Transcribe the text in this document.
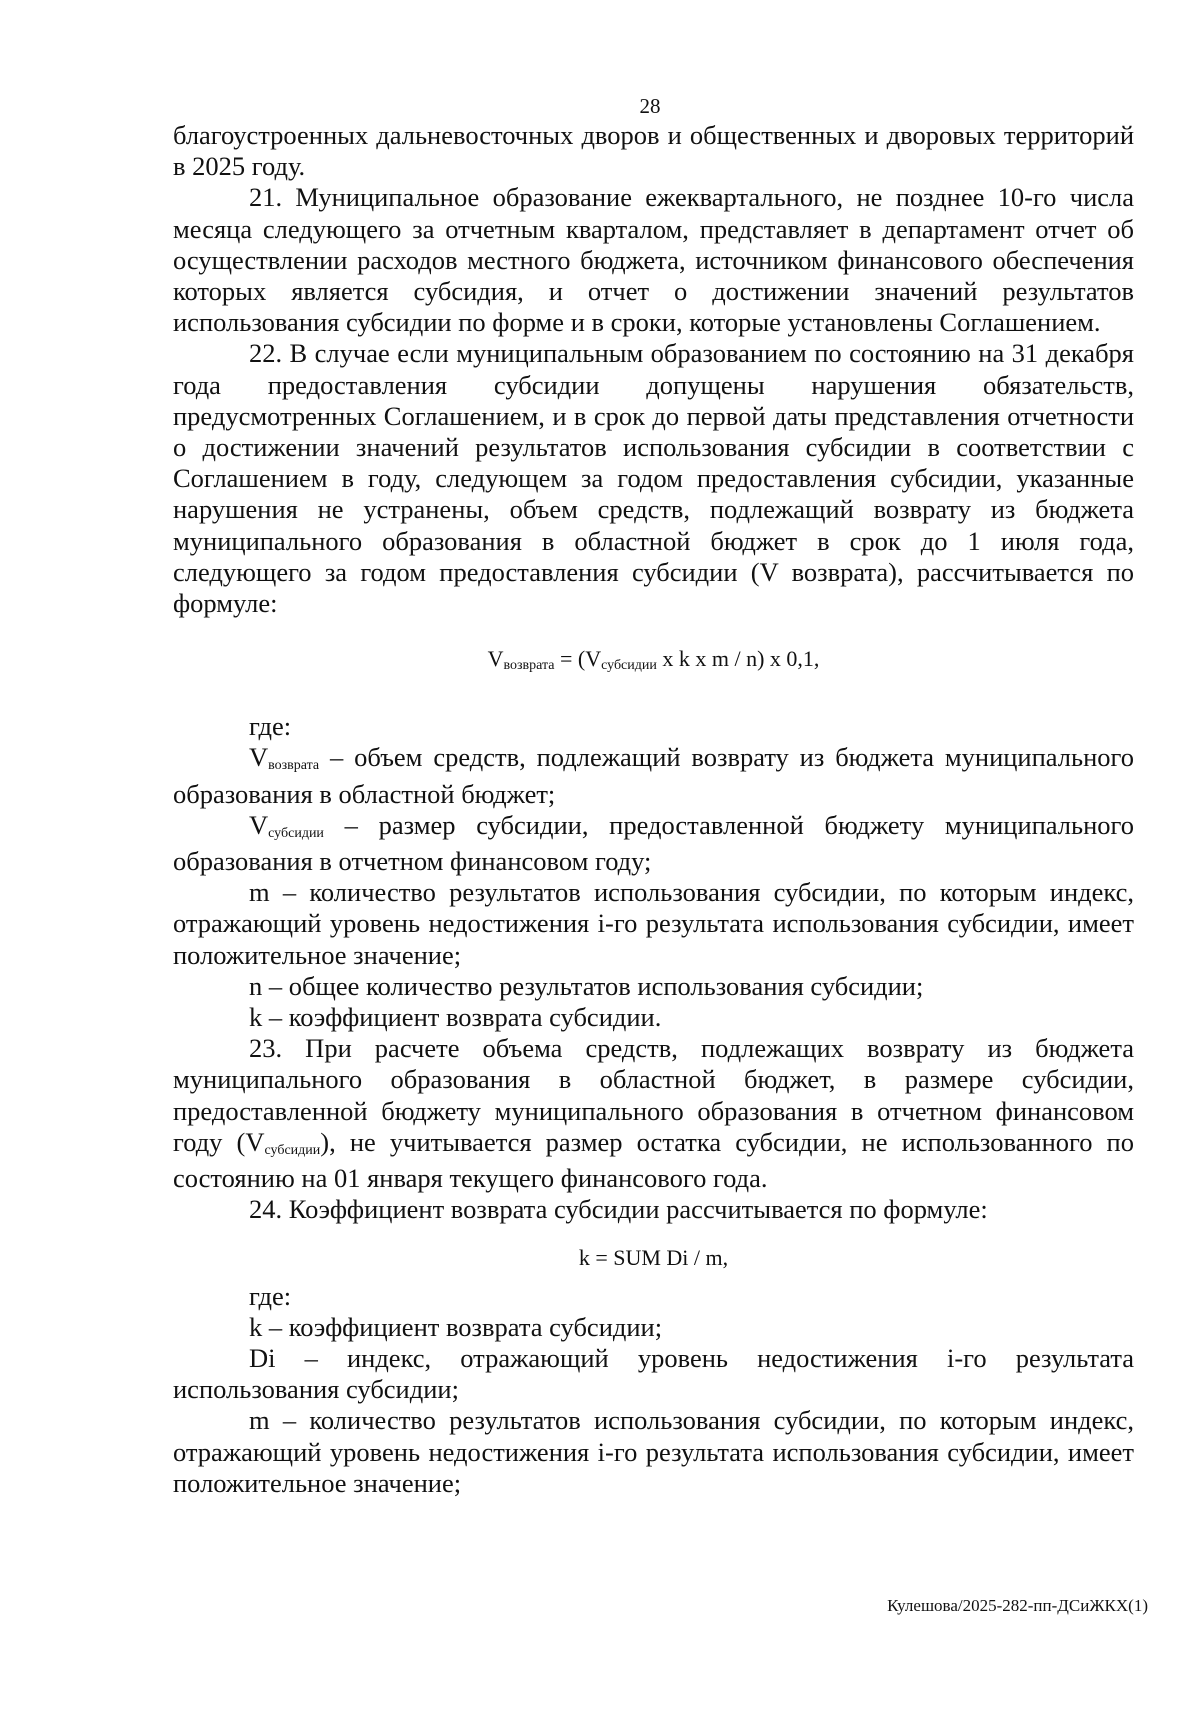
28

благоустроенных дальневосточных дворов и общественных и дворовых территорий в 2025 году.

21. Муниципальное образование ежеквартального, не позднее 10-го числа месяца следующего за отчетным кварталом, представляет в департамент отчет об осуществлении расходов местного бюджета, источником финансового обеспечения которых является субсидия, и отчет о достижении значений результатов использования субсидии по форме и в сроки, которые установлены Соглашением.

22. В случае если муниципальным образованием по состоянию на 31 декабря года предоставления субсидии допущены нарушения обязательств, предусмотренных Соглашением, и в срок до первой даты представления отчетности о достижении значений результатов использования субсидии в соответствии с Соглашением в году, следующем за годом предоставления субсидии, указанные нарушения не устранены, объем средств, подлежащий возврату из бюджета муниципального образования в областной бюджет в срок до 1 июля года, следующего за годом предоставления субсидии (V возврата), рассчитывается по формуле:

Vвозврата = (Vсубсидии x k x m / n) x 0,1,

где:

Vвозврата – объем средств, подлежащий возврату из бюджета муниципального образования в областной бюджет;

Vсубсидии – размер субсидии, предоставленной бюджету муниципального образования в отчетном финансовом году;

m – количество результатов использования субсидии, по которым индекс, отражающий уровень недостижения i-го результата использования субсидии, имеет положительное значение;

n – общее количество результатов использования субсидии;

k – коэффициент возврата субсидии.

23. При расчете объема средств, подлежащих возврату из бюджета муниципального образования в областной бюджет, в размере субсидии, предоставленной бюджету муниципального образования в отчетном финансовом году (Vсубсидии), не учитывается размер остатка субсидии, не использованного по состоянию на 01 января текущего финансового года.

24. Коэффициент возврата субсидии рассчитывается по формуле:

k = SUM Di / m,

где:

k – коэффициент возврата субсидии;

Di – индекс, отражающий уровень недостижения i-го результата использования субсидии;

m – количество результатов использования субсидии, по которым индекс, отражающий уровень недостижения i-го результата использования субсидии, имеет положительное значение;

Кулешова/2025-282-пп-ДСиЖКХ(1)
